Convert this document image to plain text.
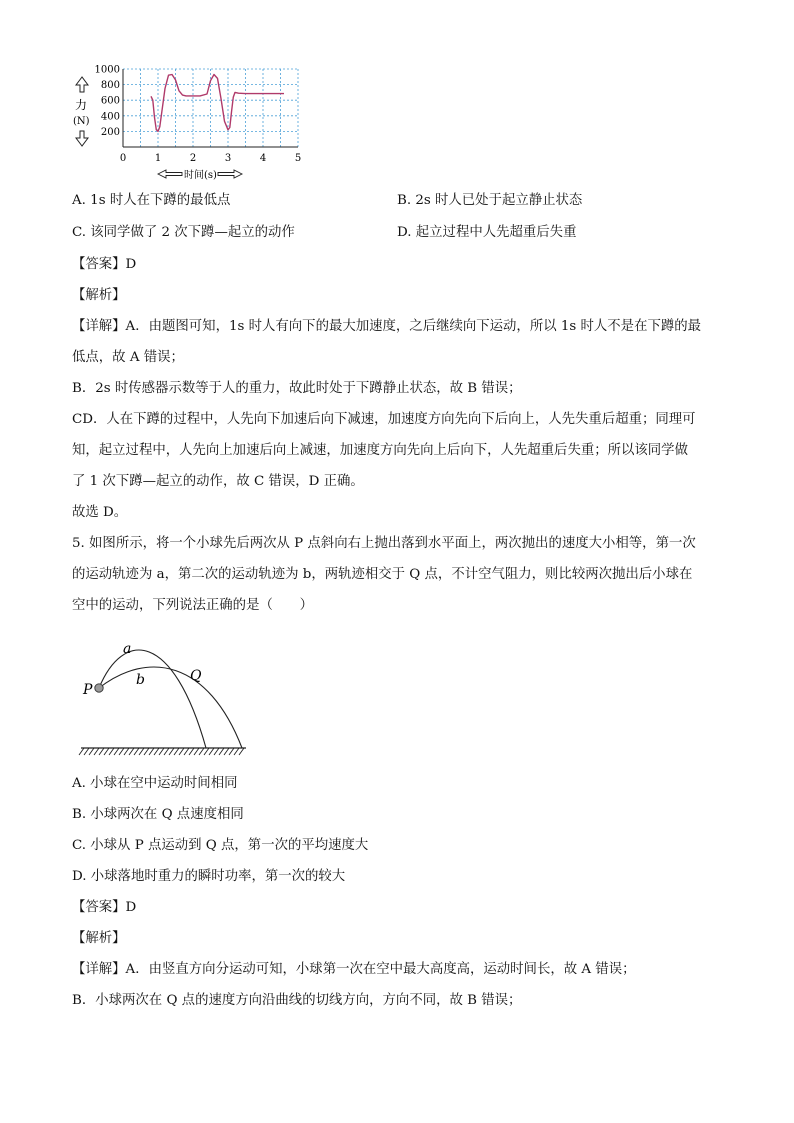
0	1	2	3	4	5
200
400
600
800
1000
力
(N)
时间(s)
A. 1s 时人在下蹲的最低点	B. 2s 时人已处于起立静止状态
C. 该同学做了 2 次下蹲—起立的动作	D. 起立过程中人先超重后失重
【答案】D
【解析】
【详解】A．由题图可知，1s 时人有向下的最大加速度，之后继续向下运动，所以 1s 时人不是在下蹲的最
低点，故 A 错误；
B．2s 时传感器示数等于人的重力，故此时处于下蹲静止状态，故 B 错误；
CD．人在下蹲的过程中，人先向下加速后向下减速，加速度方向先向下后向上，人先失重后超重；同理可
知，起立过程中，人先向上加速后向上减速，加速度方向先向上后向下，人先超重后失重；所以该同学做
了 1 次下蹲—起立的动作，故 C 错误，D 正确。
故选 D。
5. 如图所示，将一个小球先后两次从 P 点斜向右上抛出落到水平面上，两次抛出的速度大小相等，第一次
的运动轨迹为 a，第二次的运动轨迹为 b，两轨迹相交于 Q 点，不计空气阻力，则比较两次抛出后小球在
空中的运动，下列说法正确的是（　　）
a
b
P
Q
A. 小球在空中运动时间相同
B. 小球两次在 Q 点速度相同
C. 小球从 P 点运动到 Q 点，第一次的平均速度大
D. 小球落地时重力的瞬时功率，第一次的较大
【答案】D
【解析】
【详解】A．由竖直方向分运动可知，小球第一次在空中最大高度高，运动时间长，故 A 错误；
B．小球两次在 Q 点的速度方向沿曲线的切线方向，方向不同，故 B 错误；
